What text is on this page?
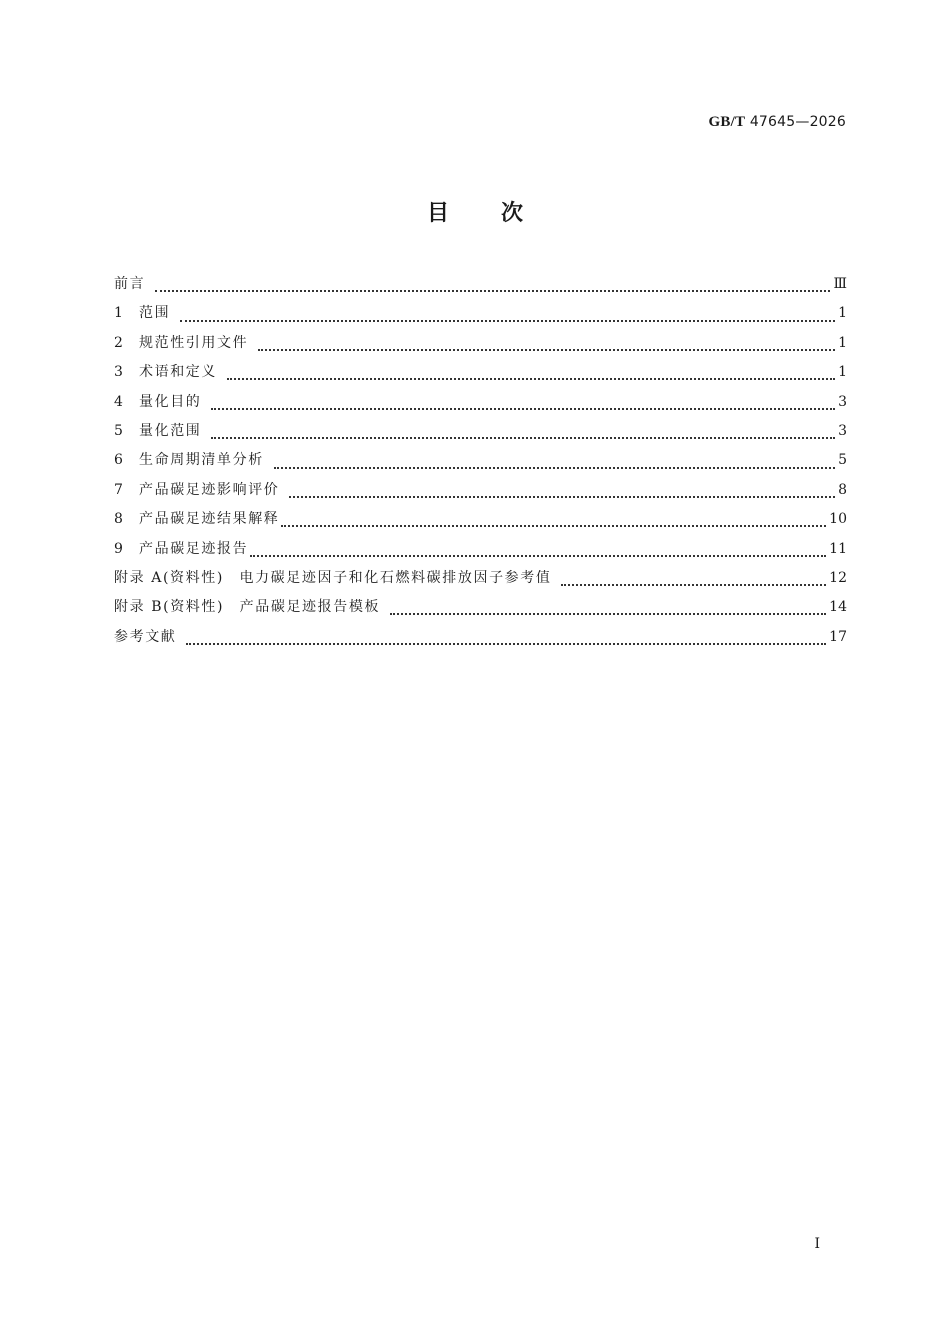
GB/T 47645—2026
目次
前言	Ⅲ
1	范围	1
2	规范性引用文件	1
3	术语和定义	1
4	量化目的	3
5	量化范围	3
6	生命周期清单分析	5
7	产品碳足迹影响评价	8
8	产品碳足迹结果解释	10
9	产品碳足迹报告	11
附录 A(资料性)　电力碳足迹因子和化石燃料碳排放因子参考值	12
附录 B(资料性)　产品碳足迹报告模板	14
参考文献	17
I
